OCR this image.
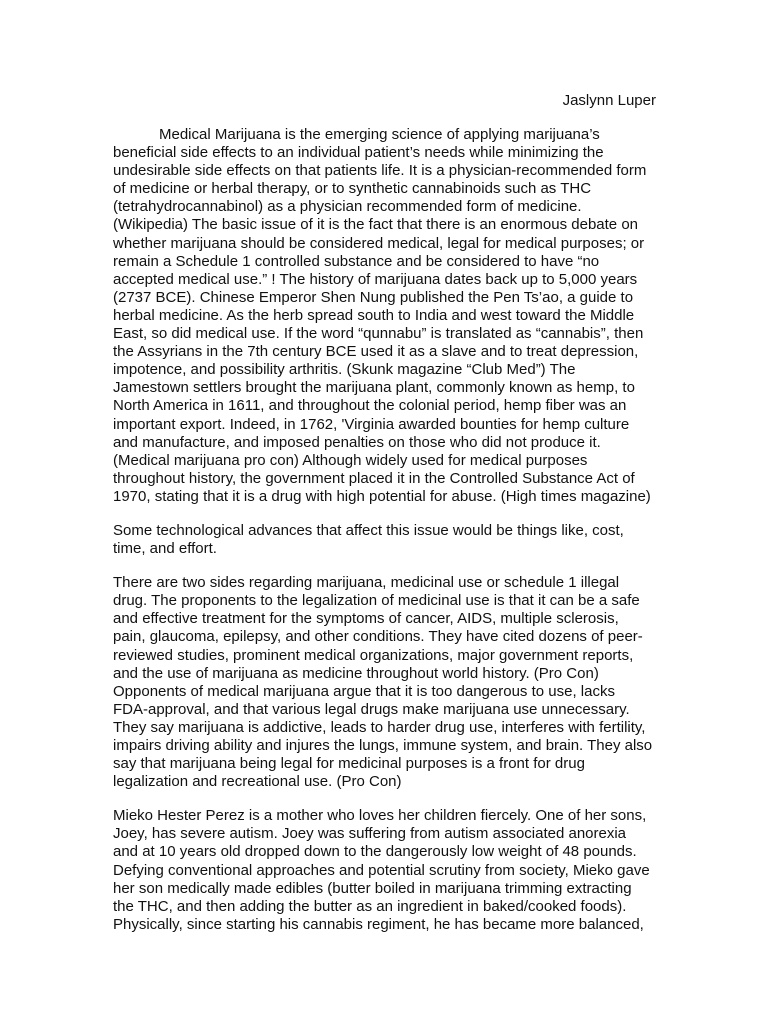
Jaslynn Luper
Medical Marijuana is the emerging science of applying marijuana’s
beneficial side effects to an individual patient’s needs while minimizing the
undesirable side effects on that patients life. It is a physician-recommended form
of medicine or herbal therapy, or to synthetic cannabinoids such as THC
(tetrahydrocannabinol) as a physician recommended form of medicine.
(Wikipedia) The basic issue of it is the fact that there is an enormous debate on
whether marijuana should be considered medical, legal for medical purposes; or
remain a Schedule 1 controlled substance and be considered to have “no
accepted medical use.” ! The history of marijuana dates back up to 5,000 years
(2737 BCE). Chinese Emperor Shen Nung published the Pen Ts’ao, a guide to
herbal medicine. As the herb spread south to India and west toward the Middle
East, so did medical use. If the word “qunnabu” is translated as “cannabis”, then
the Assyrians in the 7th century BCE used it as a slave and to treat depression,
impotence, and possibility arthritis. (Skunk magazine “Club Med”) The
Jamestown settlers brought the marijuana plant, commonly known as hemp, to
North America in 1611, and throughout the colonial period, hemp fiber was an
important export. Indeed, in 1762, 'Virginia awarded bounties for hemp culture
and manufacture, and imposed penalties on those who did not produce it.
(Medical marijuana pro con) Although widely used for medical purposes
throughout history, the government placed it in the Controlled Substance Act of
1970, stating that it is a drug with high potential for abuse. (High times magazine)
Some technological advances that affect this issue would be things like, cost,
time, and effort.
There are two sides regarding marijuana, medicinal use or schedule 1 illegal
drug. The proponents to the legalization of medicinal use is that it can be a safe
and effective treatment for the symptoms of cancer, AIDS, multiple sclerosis,
pain, glaucoma, epilepsy, and other conditions. They have cited dozens of peer-
reviewed studies, prominent medical organizations, major government reports,
and the use of marijuana as medicine throughout world history. (Pro Con)
Opponents of medical marijuana argue that it is too dangerous to use, lacks
FDA-approval, and that various legal drugs make marijuana use unnecessary.
They say marijuana is addictive, leads to harder drug use, interferes with fertility,
impairs driving ability and injures the lungs, immune system, and brain. They also
say that marijuana being legal for medicinal purposes is a front for drug
legalization and recreational use. (Pro Con)
Mieko Hester Perez is a mother who loves her children fiercely. One of her sons,
Joey, has severe autism. Joey was suffering from autism associated anorexia
and at 10 years old dropped down to the dangerously low weight of 48 pounds.
Defying conventional approaches and potential scrutiny from society, Mieko gave
her son medically made edibles (butter boiled in marijuana trimming extracting
the THC, and then adding the butter as an ingredient in baked/cooked foods).
Physically, since starting his cannabis regiment, he has became more balanced,
